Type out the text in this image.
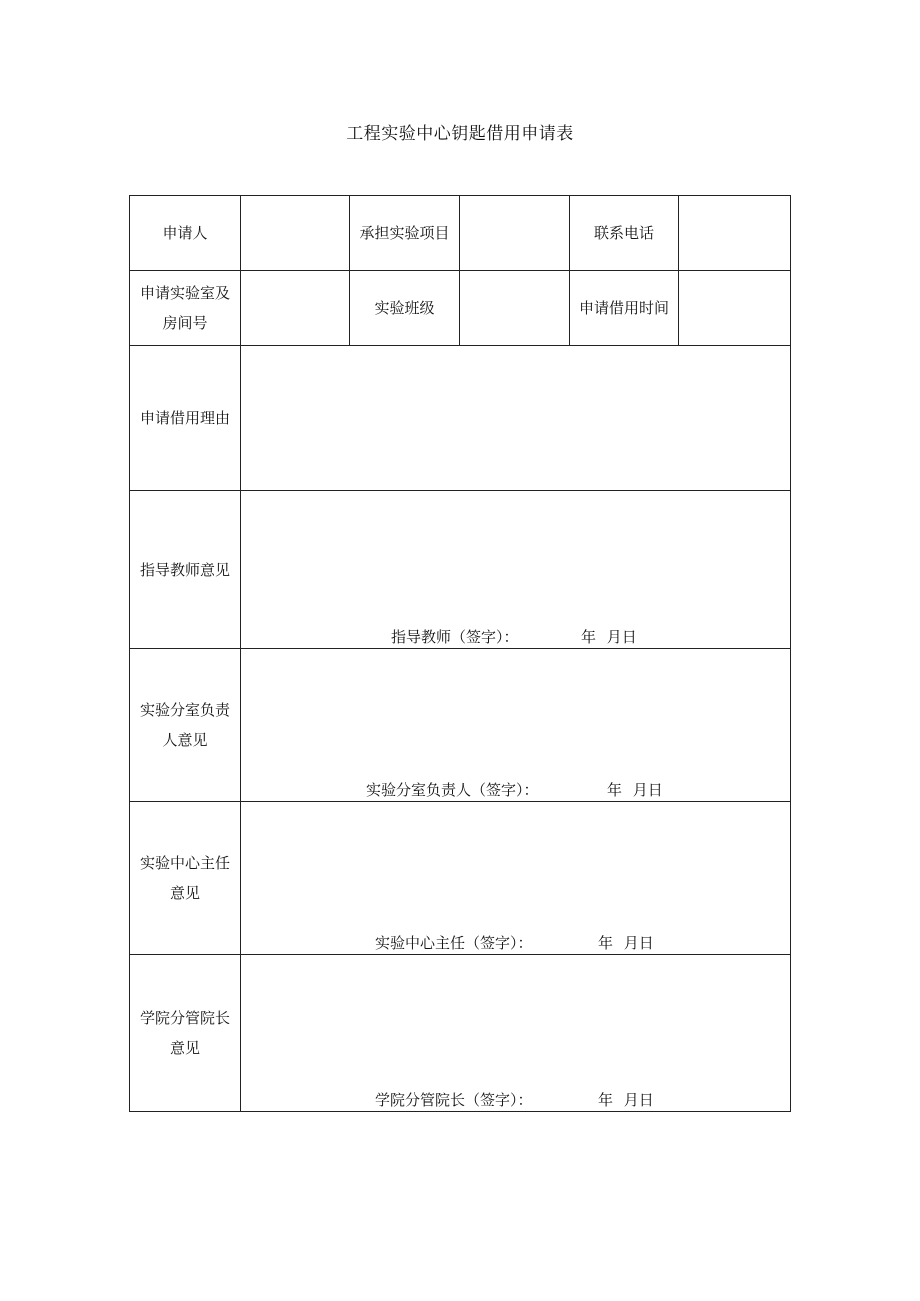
工程实验中心钥匙借用申请表
申请人		承担实验项目		联系电话	
申请实验室及房间号		实验班级		申请借用时间	
申请借用理由					
指导教师意见	指导教师（签字）： 年 月日				

实验分室负责人意见	实验分室负责人（签字）： 年 月日				

实验中心主任意见	实验中心主任（签字）： 年 月日				

学院分管院长意见	学院分管院长（签字）： 年 月日				
